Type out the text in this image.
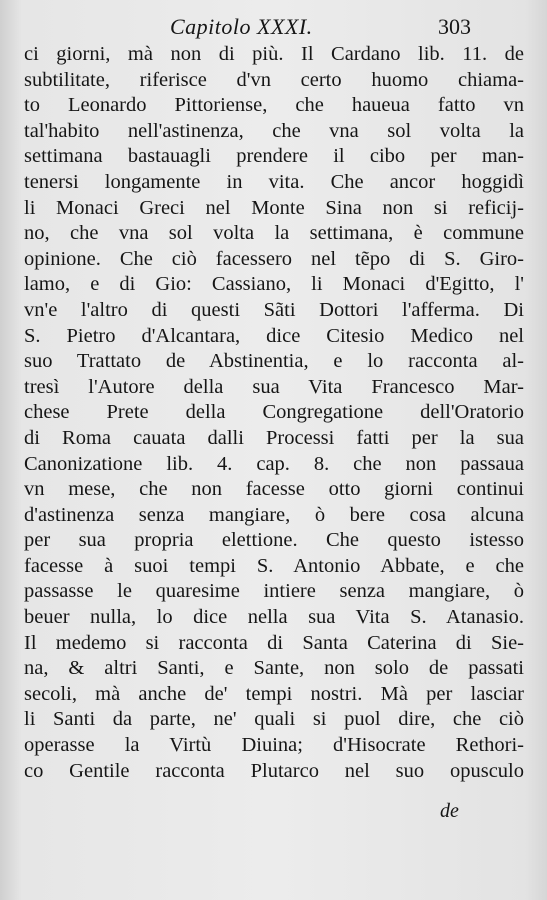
Capitolo XXXI.	303
ci giorni, mà non di più. Il Cardano lib. 11. de
subtilitate, riferisce d'vn certo huomo chiama-
to Leonardo Pittoriense, che haueua fatto vn
tal'habito nell'astinenza, che vna sol volta la
settimana bastauagli prendere il cibo per man-
tenersi longamente in vita. Che ancor hoggidì
li Monaci Greci nel Monte Sina non si reficij-
no, che vna sol volta la settimana, è commune
opinione. Che ciò facessero nel tẽpo di S. Giro-
lamo, e di Gio: Cassiano, li Monaci d'Egitto, l'
vn'e l'altro di questi Sãti Dottori l'afferma. Di
S. Pietro d'Alcantara, dice Citesio Medico nel
suo Trattato de Abstinentia, e lo racconta al-
tresì l'Autore della sua Vita Francesco Mar-
chese Prete della Congregatione dell'Oratorio
di Roma cauata dalli Processi fatti per la sua
Canonizatione lib. 4. cap. 8. che non passaua
vn mese, che non facesse otto giorni continui
d'astinenza senza mangiare, ò bere cosa alcuna
per sua propria elettione. Che questo istesso
facesse à suoi tempi S. Antonio Abbate, e che
passasse le quaresime intiere senza mangiare, ò
beuer nulla, lo dice nella sua Vita S. Atanasio.
Il medemo si racconta di Santa Caterina di Sie-
na, & altri Santi, e Sante, non solo de passati
secoli, mà anche de' tempi nostri. Mà per lasciar
li Santi da parte, ne' quali si puol dire, che ciò
operasse la Virtù Diuina; d'Hisocrate Rethori-
co Gentile racconta Plutarco nel suo opusculo
de
